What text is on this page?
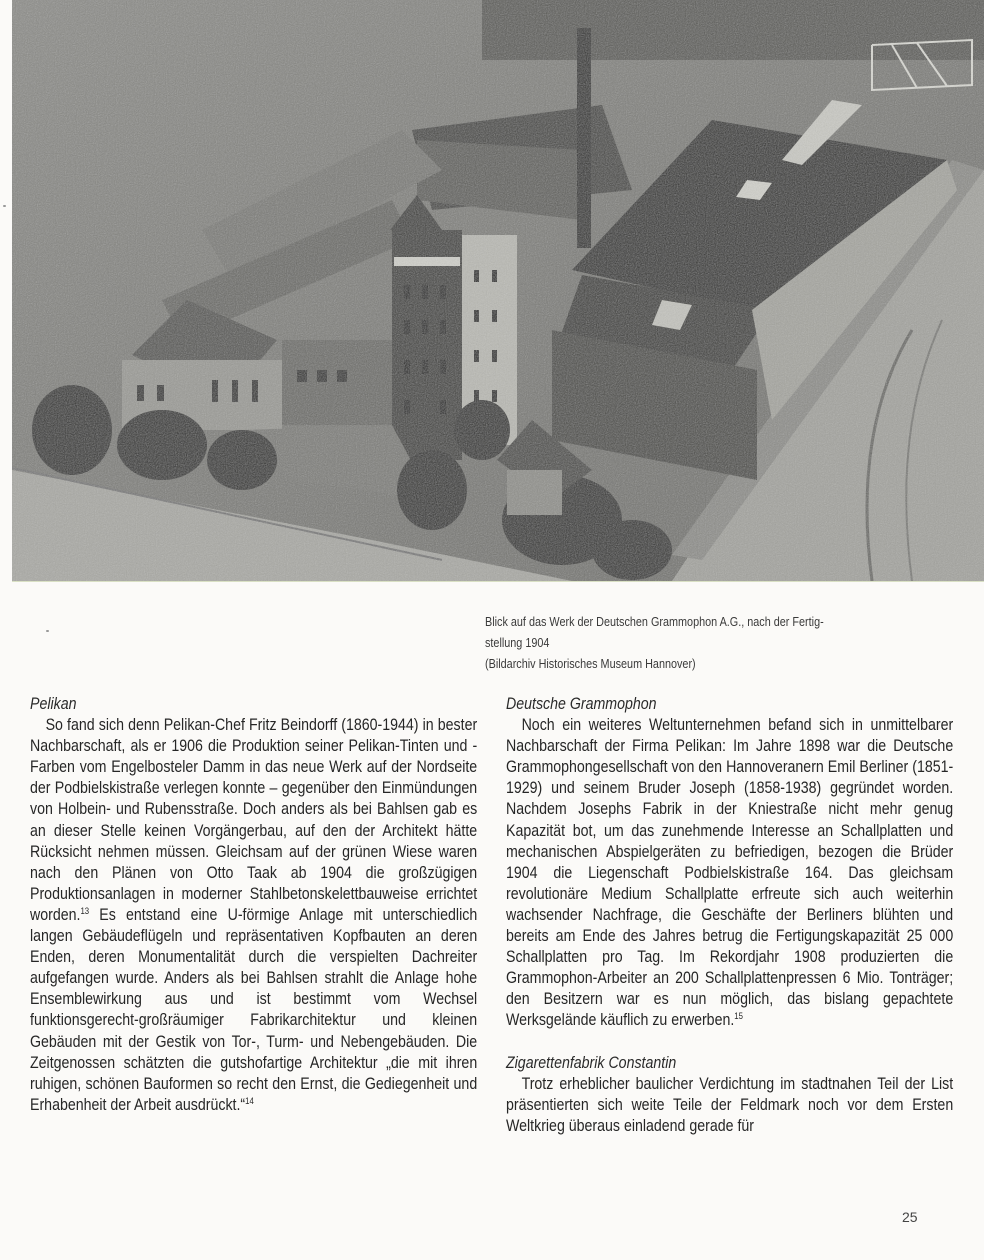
Blick auf das Werk der Deutschen Grammophon A.G., nach der Fertig-
stellung 1904
(Bildarchiv Historisches Museum Hannover)
Pelikan

So fand sich denn Pelikan-Chef Fritz Beindorff (1860-1944) in bester Nachbarschaft, als er 1906 die Produktion seiner Pelikan-Tinten und -Farben vom Engelbosteler Damm in das neue Werk auf der Nordseite der Podbielskistraße verlegen konnte – gegenüber den Einmündungen von Holbein- und Rubensstraße. Doch anders als bei Bahlsen gab es an dieser Stelle keinen Vorgängerbau, auf den der Architekt hätte Rücksicht nehmen müssen. Gleichsam auf der grünen Wiese waren nach den Plänen von Otto Taak ab 1904 die großzügigen Produktionsanlagen in moderner Stahlbetonskelettbauweise errichtet worden.$^{13}$ Es entstand eine U-förmige Anlage mit unterschiedlich langen Gebäudeflügeln und repräsentativen Kopfbauten an deren Enden, deren Monumentalität durch die verspielten Dachreiter aufgefangen wurde. Anders als bei Bahlsen strahlt die Anlage hohe Ensemblewirkung aus und ist bestimmt vom Wechsel funktionsgerecht-großräumiger Fabrikarchitektur und kleinen Gebäuden mit der Gestik von Tor-, Turm- und Nebengebäuden. Die Zeitgenossen schätzten die gutshofartige Architektur „die mit ihren ruhigen, schönen Bauformen so recht den Ernst, die Gediegenheit und Erhabenheit der Arbeit ausdrückt.“$^{14}$

Deutsche Grammophon

Noch ein weiteres Weltunternehmen befand sich in unmittelbarer Nachbarschaft der Firma Pelikan: Im Jahre 1898 war die Deutsche Grammophongesellschaft von den Hannoveranern Emil Berliner (1851-1929) und seinem Bruder Joseph (1858-1938) gegründet worden. Nachdem Josephs Fabrik in der Kniestraße nicht mehr genug Kapazität bot, um das zunehmende Interesse an Schallplatten und mechanischen Abspielgeräten zu befriedigen, bezogen die Brüder 1904 die Liegenschaft Podbielskistraße 164. Das gleichsam revolutionäre Medium Schallplatte erfreute sich auch weiterhin wachsender Nachfrage, die Geschäfte der Berliners blühten und bereits am Ende des Jahres betrug die Fertigungskapazität 25 000 Schallplatten pro Tag. Im Rekordjahr 1908 produzierten die Grammophon-Arbeiter an 200 Schallplattenpressen 6 Mio. Tonträger; den Besitzern war es nun möglich, das bislang gepachtete Werksgelände käuflich zu erwerben.$^{15}$

Zigarettenfabrik Constantin

Trotz erheblicher baulicher Verdichtung im stadtnahen Teil der List präsentierten sich weite Teile der Feldmark noch vor dem Ersten Weltkrieg überaus einladend gerade für

25
